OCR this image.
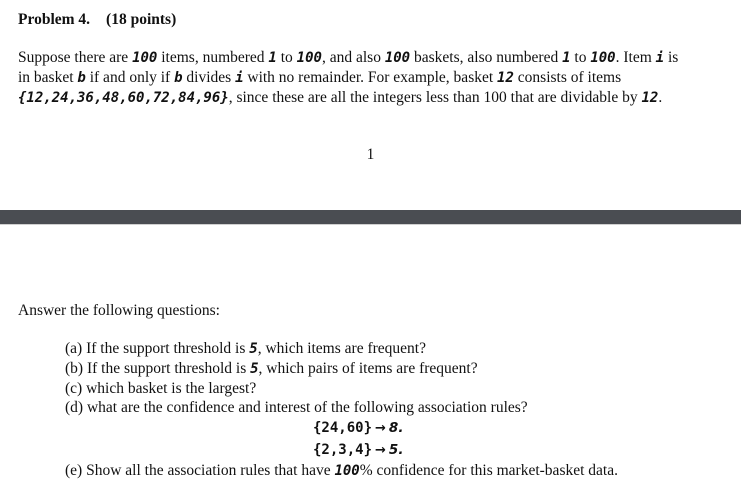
Problem 4. (18 points)
Suppose there are 100 items, numbered 1 to 100, and also 100 baskets, also numbered 1 to 100. Item i is
in basket b if and only if b divides i with no remainder. For example, basket 12 consists of items
{12,24,36,48,60,72,84,96}, since these are all the integers less than 100 that are dividable by 12.
1
Answer the following questions:
(a) If the support threshold is 5, which items are frequent?
(b) If the support threshold is 5, which pairs of items are frequent?
(c) which basket is the largest?
(d) what are the confidence and interest of the following association rules?
{24,60} → 8.
{2,3,4} → 5.
(e) Show all the association rules that have 100% confidence for this market-basket data.
